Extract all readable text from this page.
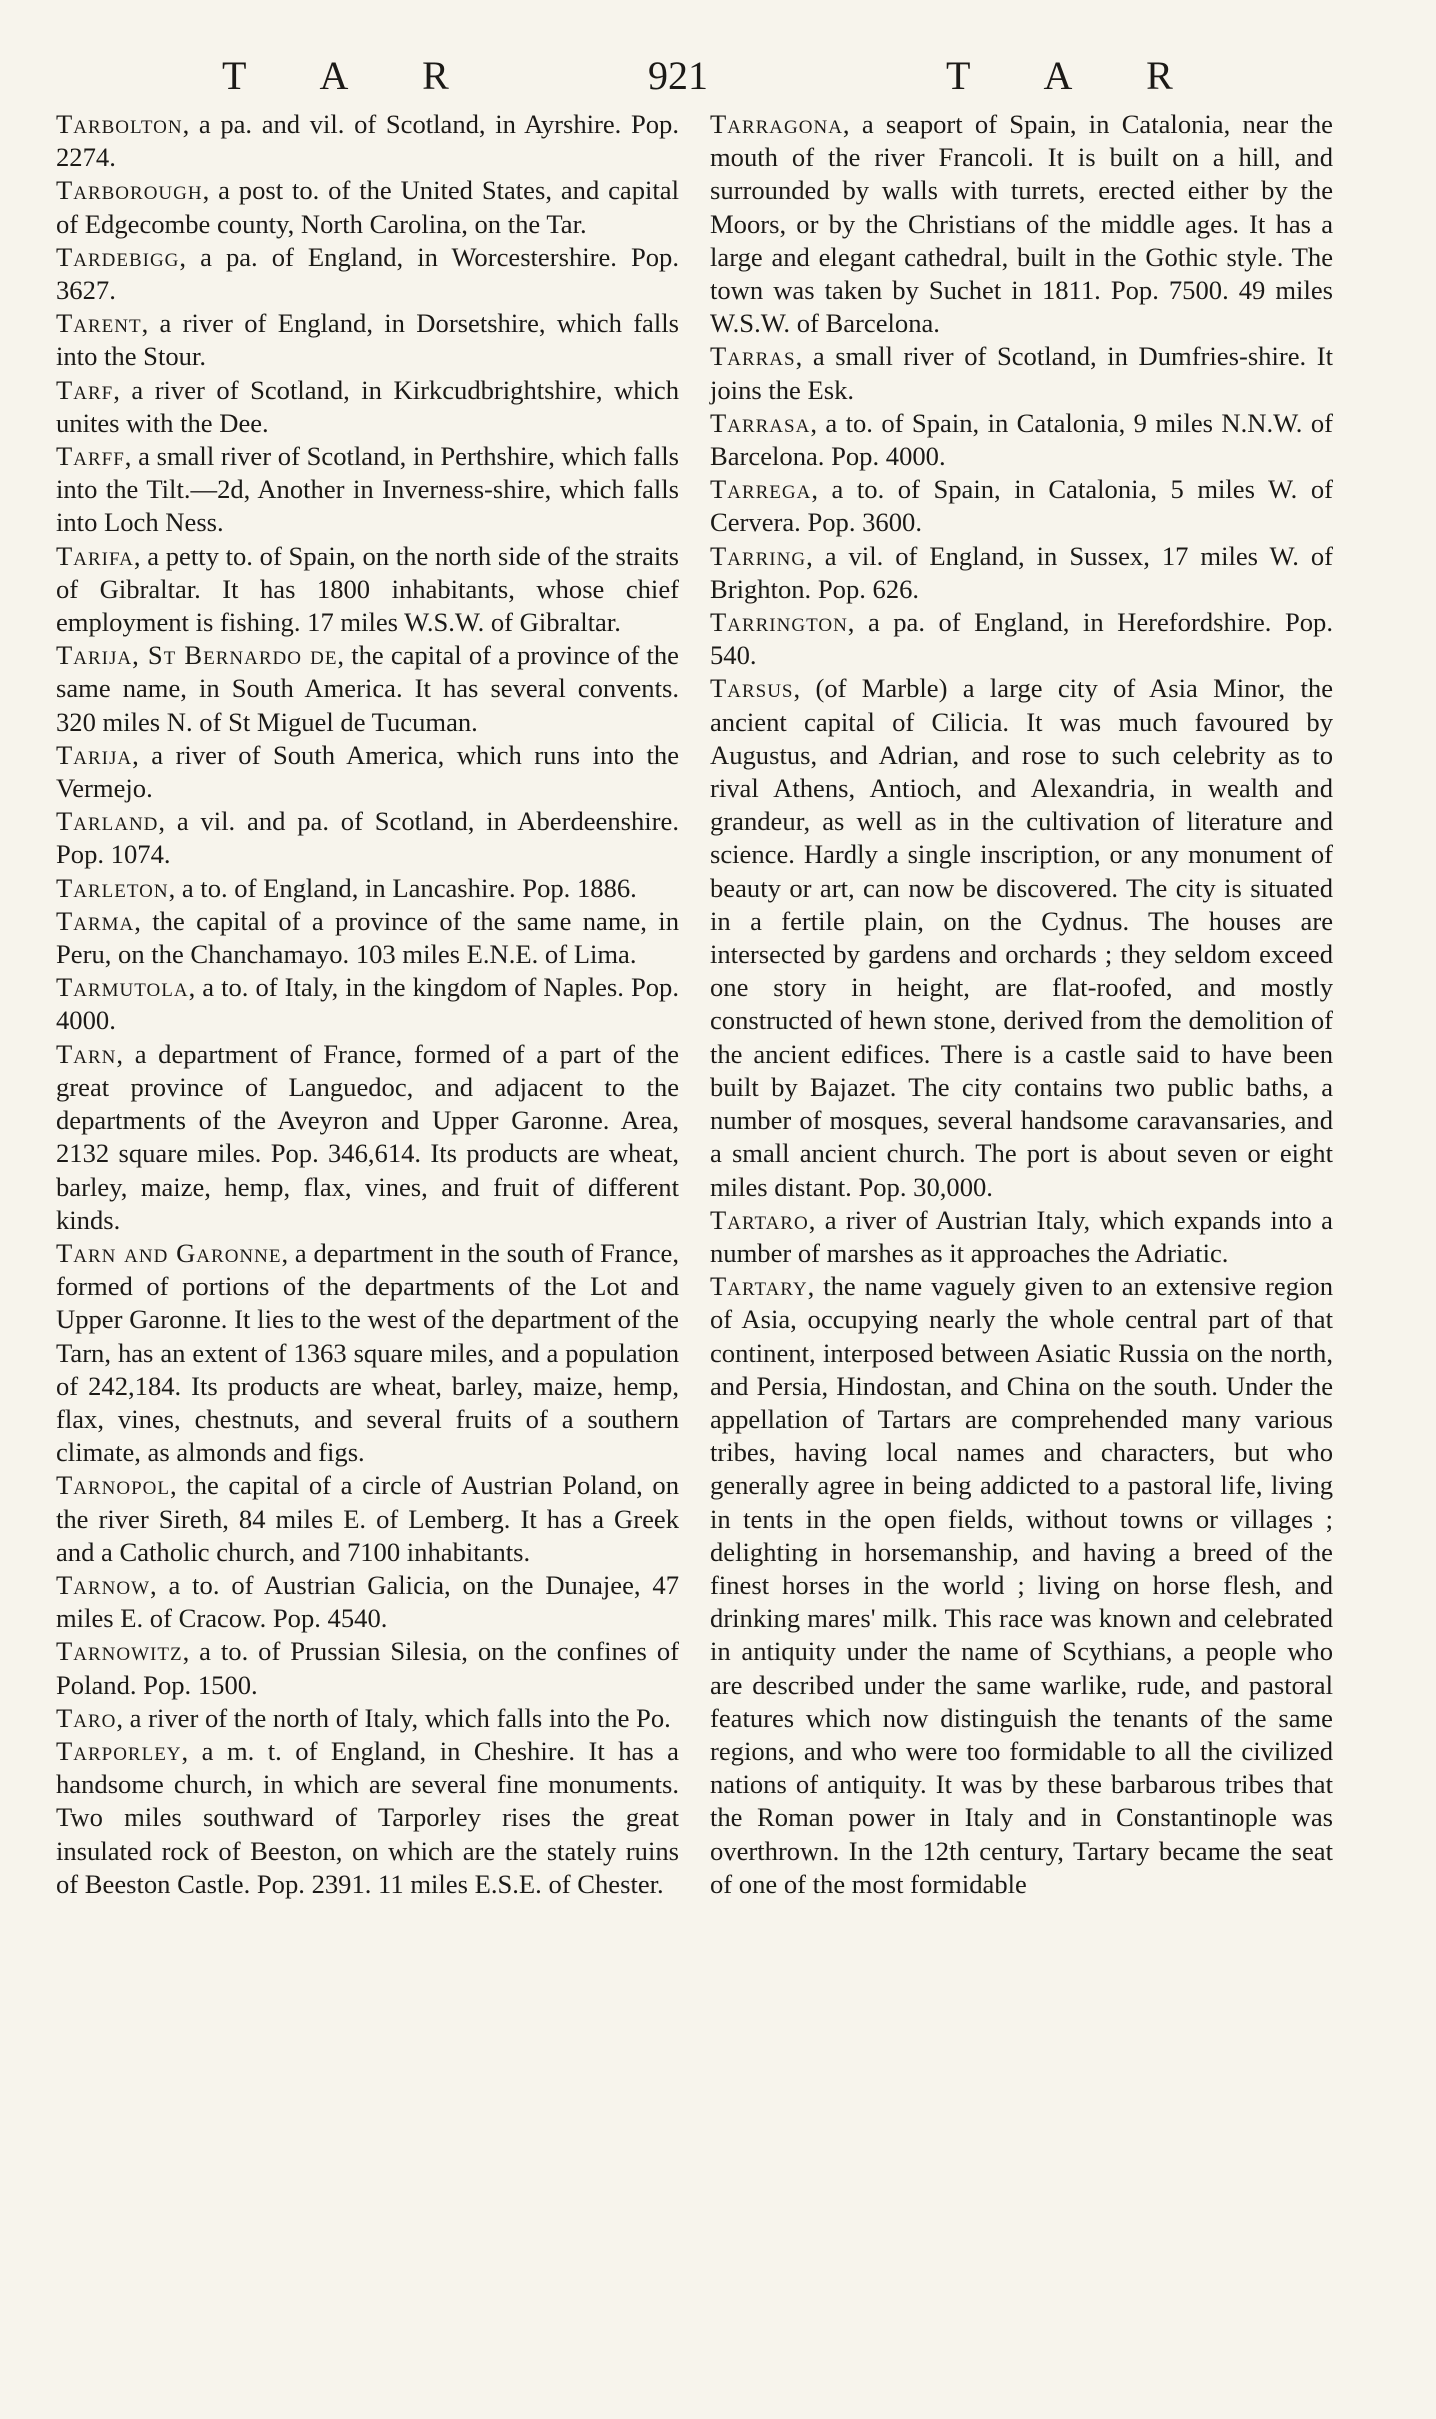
T A R	921	T A R

Tarbolton, a pa. and vil. of Scotland, in Ayrshire. Pop. 2274.

Tarborough, a post to. of the United States, and capital of Edgecombe county, North Carolina, on the Tar.

Tardebigg, a pa. of England, in Worcestershire. Pop. 3627.

Tarent, a river of England, in Dorsetshire, which falls into the Stour.

Tarf, a river of Scotland, in Kirkcudbrightshire, which unites with the Dee.

Tarff, a small river of Scotland, in Perthshire, which falls into the Tilt.—2d, Another in Inverness-shire, which falls into Loch Ness.

Tarifa, a petty to. of Spain, on the north side of the straits of Gibraltar. It has 1800 inhabitants, whose chief employment is fishing. 17 miles W.S.W. of Gibraltar.

Tarija, St Bernardo de, the capital of a province of the same name, in South America. It has several convents. 320 miles N. of St Miguel de Tucuman.

Tarija, a river of South America, which runs into the Vermejo.

Tarland, a vil. and pa. of Scotland, in Aberdeenshire. Pop. 1074.

Tarleton, a to. of England, in Lancashire. Pop. 1886.

Tarma, the capital of a province of the same name, in Peru, on the Chanchamayo. 103 miles E.N.E. of Lima.

Tarmutola, a to. of Italy, in the kingdom of Naples. Pop. 4000.

Tarn, a department of France, formed of a part of the great province of Languedoc, and adjacent to the departments of the Aveyron and Upper Garonne. Area, 2132 square miles. Pop. 346,614. Its products are wheat, barley, maize, hemp, flax, vines, and fruit of different kinds.

Tarn and Garonne, a department in the south of France, formed of portions of the departments of the Lot and Upper Garonne. It lies to the west of the department of the Tarn, has an extent of 1363 square miles, and a population of 242,184. Its products are wheat, barley, maize, hemp, flax, vines, chestnuts, and several fruits of a southern climate, as almonds and figs.

Tarnopol, the capital of a circle of Austrian Poland, on the river Sireth, 84 miles E. of Lemberg. It has a Greek and a Catholic church, and 7100 inhabitants.

Tarnow, a to. of Austrian Galicia, on the Dunajee, 47 miles E. of Cracow. Pop. 4540.

Tarnowitz, a to. of Prussian Silesia, on the confines of Poland. Pop. 1500.

Taro, a river of the north of Italy, which falls into the Po.

Tarporley, a m. t. of England, in Cheshire. It has a handsome church, in which are several fine monuments. Two miles southward of Tarporley rises the great insulated rock of Beeston, on which are the stately ruins of Beeston Castle. Pop. 2391. 11 miles E.S.E. of Chester.

Tarragona, a seaport of Spain, in Catalonia, near the mouth of the river Francoli. It is built on a hill, and surrounded by walls with turrets, erected either by the Moors, or by the Christians of the middle ages. It has a large and elegant cathedral, built in the Gothic style. The town was taken by Suchet in 1811. Pop. 7500. 49 miles W.S.W. of Barcelona.

Tarras, a small river of Scotland, in Dumfries-shire. It joins the Esk.

Tarrasa, a to. of Spain, in Catalonia, 9 miles N.N.W. of Barcelona. Pop. 4000.

Tarrega, a to. of Spain, in Catalonia, 5 miles W. of Cervera. Pop. 3600.

Tarring, a vil. of England, in Sussex, 17 miles W. of Brighton. Pop. 626.

Tarrington, a pa. of England, in Herefordshire. Pop. 540.

Tarsus, (of Marble) a large city of Asia Minor, the ancient capital of Cilicia. It was much favoured by Augustus, and Adrian, and rose to such celebrity as to rival Athens, Antioch, and Alexandria, in wealth and grandeur, as well as in the cultivation of literature and science. Hardly a single inscription, or any monument of beauty or art, can now be discovered. The city is situated in a fertile plain, on the Cydnus. The houses are intersected by gardens and orchards ; they seldom exceed one story in height, are flat-roofed, and mostly constructed of hewn stone, derived from the demolition of the ancient edifices. There is a castle said to have been built by Bajazet. The city contains two public baths, a number of mosques, several handsome caravansaries, and a small ancient church. The port is about seven or eight miles distant. Pop. 30,000.

Tartaro, a river of Austrian Italy, which expands into a number of marshes as it approaches the Adriatic.

Tartary, the name vaguely given to an extensive region of Asia, occupying nearly the whole central part of that continent, interposed between Asiatic Russia on the north, and Persia, Hindostan, and China on the south. Under the appellation of Tartars are comprehended many various tribes, having local names and characters, but who generally agree in being addicted to a pastoral life, living in tents in the open fields, without towns or villages ; delighting in horsemanship, and having a breed of the finest horses in the world ; living on horse flesh, and drinking mares' milk. This race was known and celebrated in antiquity under the name of Scythians, a people who are described under the same warlike, rude, and pastoral features which now distinguish the tenants of the same regions, and who were too formidable to all the civilized nations of antiquity. It was by these barbarous tribes that the Roman power in Italy and in Constantinople was overthrown. In the 12th century, Tartary became the seat of one of the most formidable
